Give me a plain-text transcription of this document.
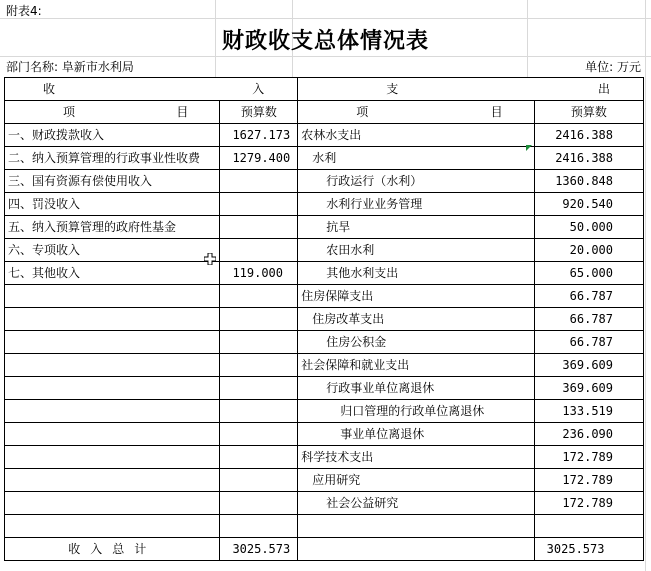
附表4:
财政收支总体情况表
部门名称: 阜新市水利局	单位: 万元
收 入		支 出	

项 目	预算数	项 目	预算数
一、财政拨款收入	1627.173	农林水支出	2416.388
二、纳入预算管理的行政事业性收费	1279.400	水利	2416.388
三、国有资源有偿使用收入		行政运行（水利）	1360.848
四、罚没收入		水利行业业务管理	920.540
五、纳入预算管理的政府性基金		抗旱	50.000
六、专项收入		农田水利	20.000
七、其他收入	119.000	其他水利支出	65.000
		住房保障支出	66.787
		住房改革支出	66.787
		住房公积金	66.787
		社会保障和就业支出	369.609
		行政事业单位离退休	369.609
		归口管理的行政单位离退休	133.519
		事业单位离退休	236.090
		科学技术支出	172.789
		应用研究	172.789
		社会公益研究	172.789

收入总计	3025.573		3025.573
